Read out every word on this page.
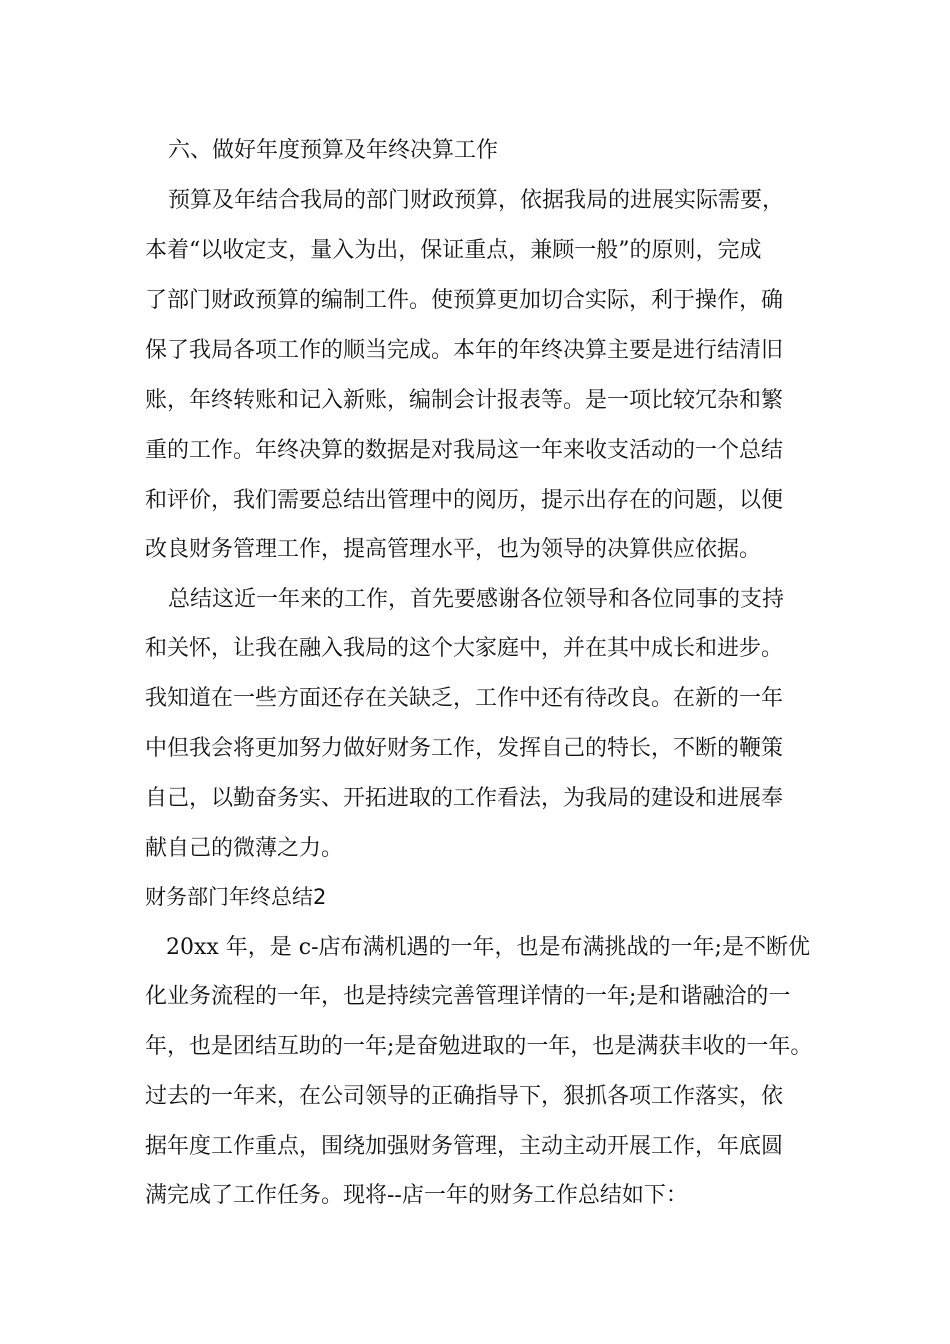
六、做好年度预算及年终决算工作
预算及年结合我局的部门财政预算，依据我局的进展实际需要，
本着“以收定支，量入为出，保证重点，兼顾一般”的原则，完成
了部门财政预算的编制工件。使预算更加切合实际，利于操作，确
保了我局各项工作的顺当完成。本年的年终决算主要是进行结清旧
账，年终转账和记入新账，编制会计报表等。是一项比较冗杂和繁
重的工作。年终决算的数据是对我局这一年来收支活动的一个总结
和评价，我们需要总结出管理中的阅历，提示出存在的问题，以便
改良财务管理工作，提高管理水平，也为领导的决算供应依据。
总结这近一年来的工作，首先要感谢各位领导和各位同事的支持
和关怀，让我在融入我局的这个大家庭中，并在其中成长和进步。
我知道在一些方面还存在关缺乏，工作中还有待改良。在新的一年
中但我会将更加努力做好财务工作，发挥自己的特长，不断的鞭策
自己，以勤奋务实、开拓进取的工作看法，为我局的建设和进展奉
献自己的微薄之力。
财务部门年终总结2
20xx 年，是 c-店布满机遇的一年，也是布满挑战的一年;是不断优
化业务流程的一年，也是持续完善管理详情的一年;是和谐融洽的一
年，也是团结互助的一年;是奋勉进取的一年，也是满获丰收的一年。
过去的一年来，在公司领导的正确指导下，狠抓各项工作落实，依
据年度工作重点，围绕加强财务管理，主动主动开展工作，年底圆
满完成了工作任务。现将--店一年的财务工作总结如下：
